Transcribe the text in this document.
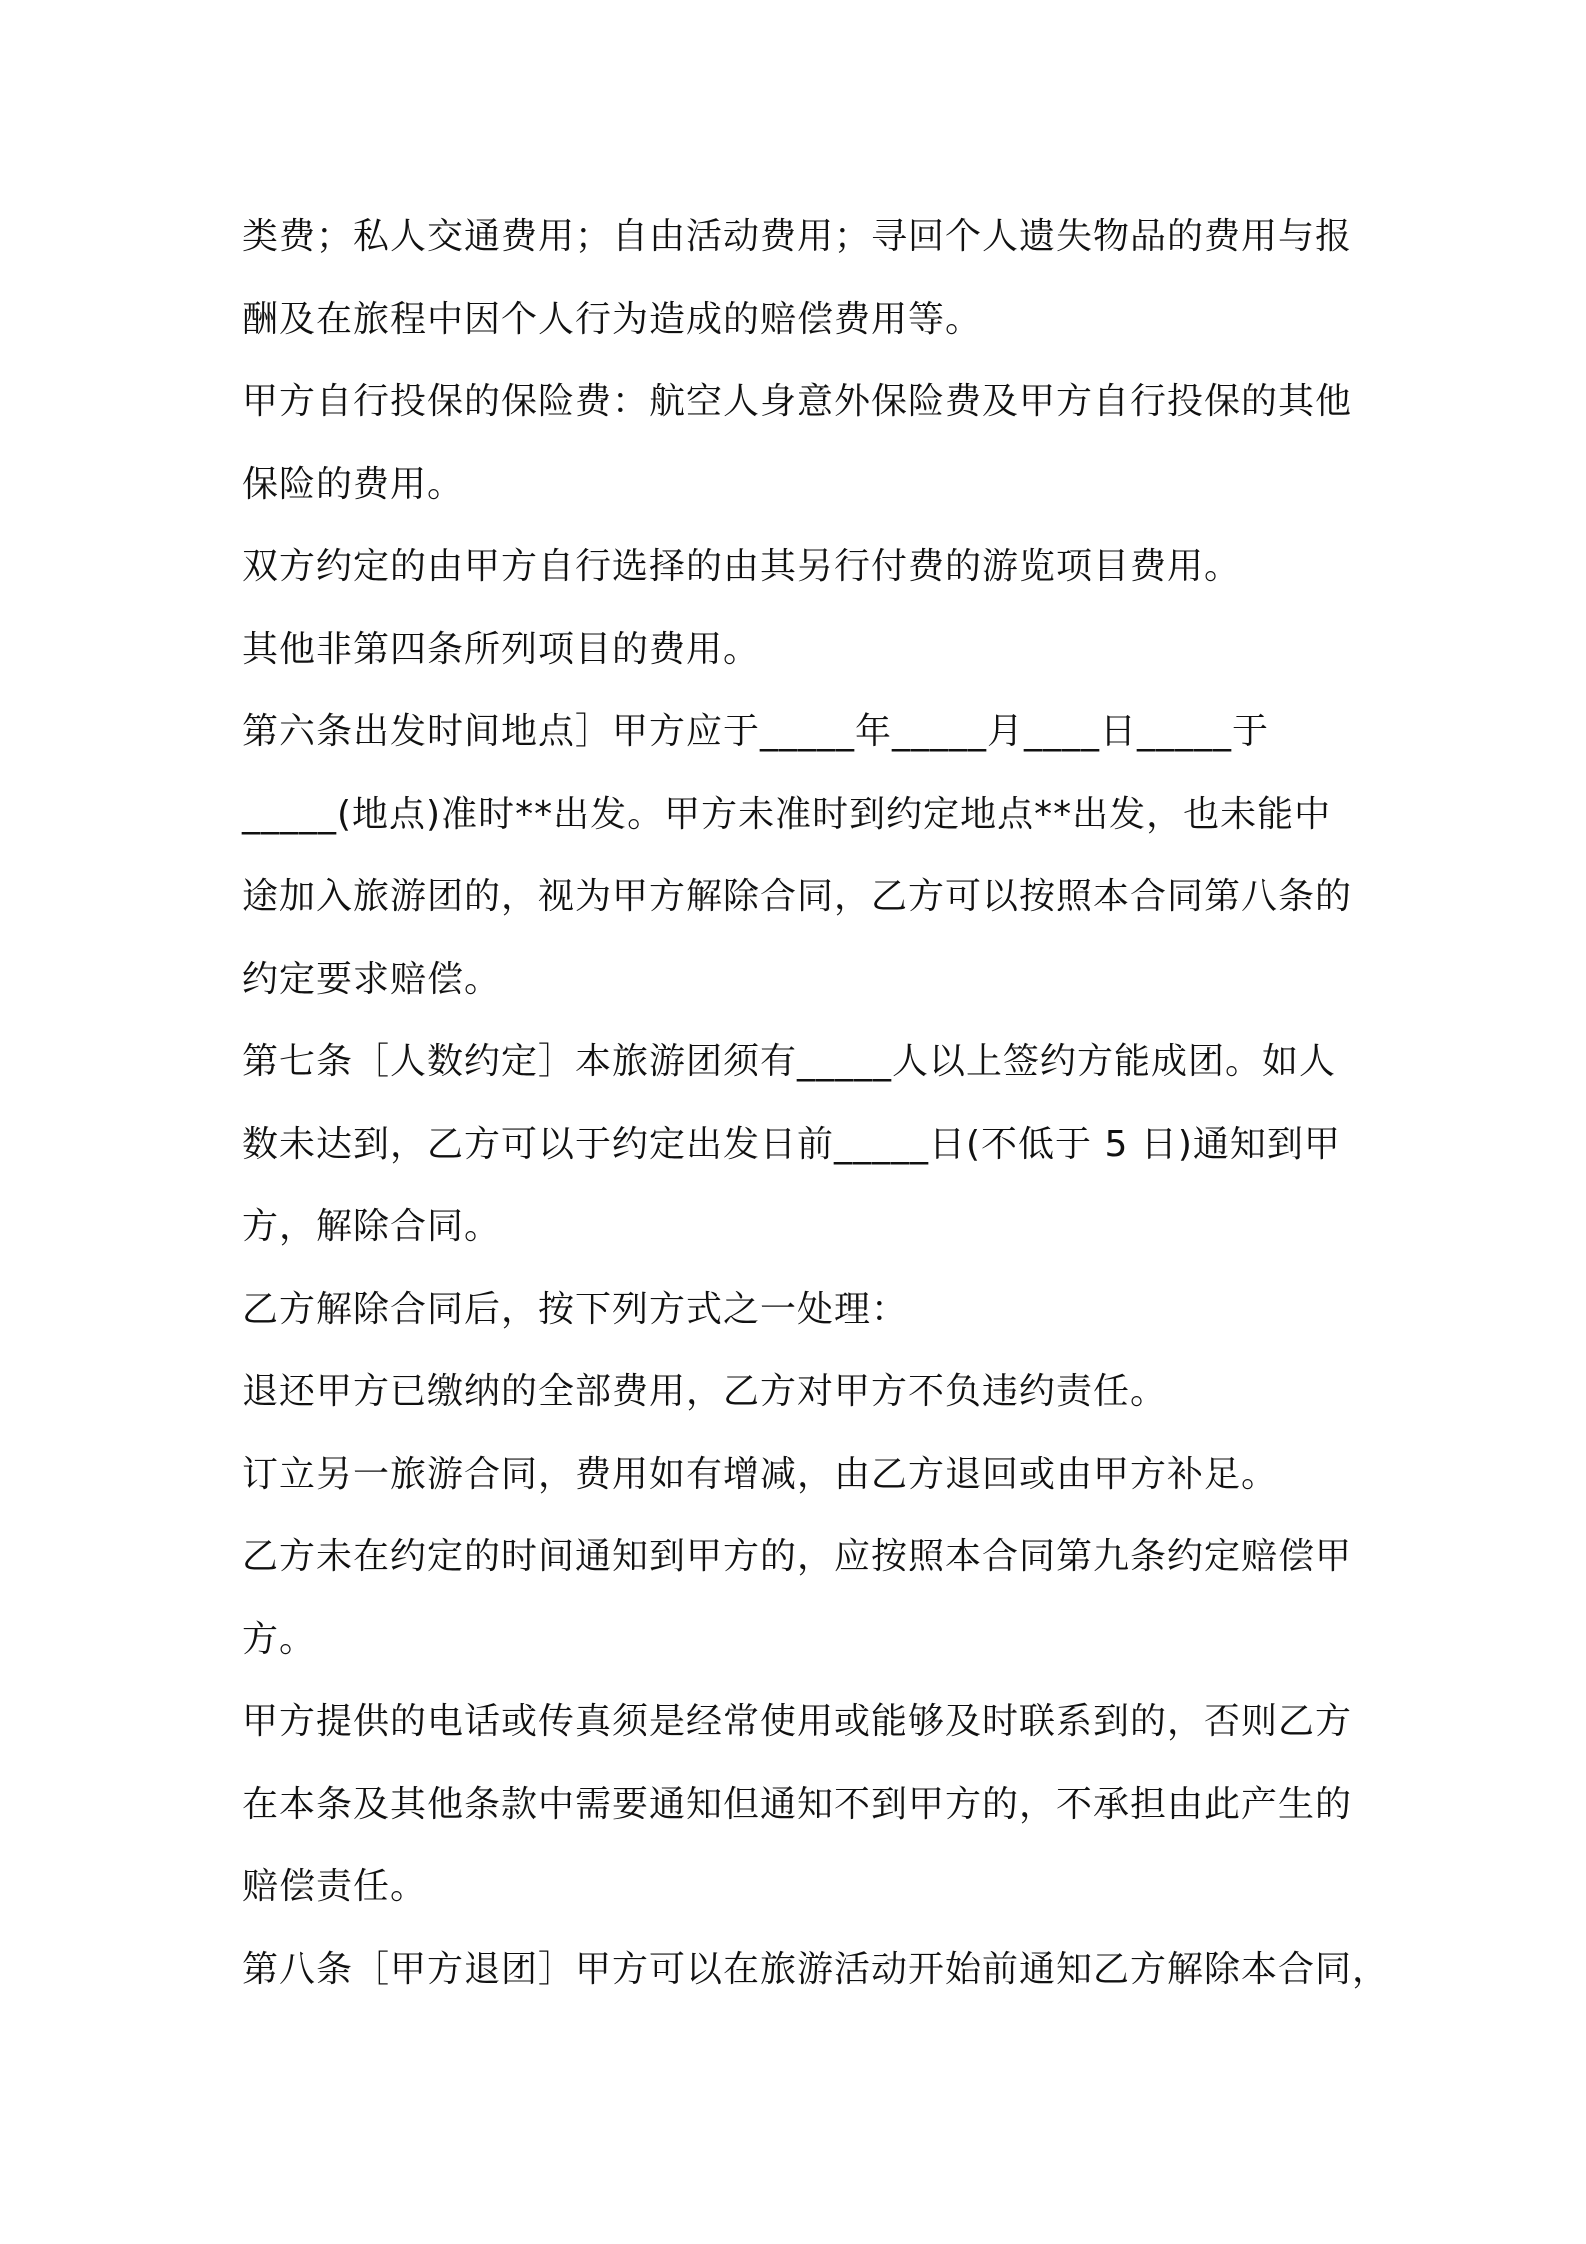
类费；私人交通费用；自由活动费用；寻回个人遗失物品的费用与报
酬及在旅程中因个人行为造成的赔偿费用等。
甲方自行投保的保险费：航空人身意外保险费及甲方自行投保的其他
保险的费用。
双方约定的由甲方自行选择的由其另行付费的游览项目费用。
其他非第四条所列项目的费用。
第六条出发时间地点］甲方应于_____年_____月____日_____于
_____(地点)准时**出发。甲方未准时到约定地点**出发，也未能中
途加入旅游团的，视为甲方解除合同，乙方可以按照本合同第八条的
约定要求赔偿。
第七条［人数约定］本旅游团须有_____人以上签约方能成团。如人
数未达到，乙方可以于约定出发日前_____日(不低于 5 日)通知到甲
方，解除合同。
乙方解除合同后，按下列方式之一处理：
退还甲方已缴纳的全部费用，乙方对甲方不负违约责任。
订立另一旅游合同，费用如有增减，由乙方退回或由甲方补足。
乙方未在约定的时间通知到甲方的，应按照本合同第九条约定赔偿甲
方。
甲方提供的电话或传真须是经常使用或能够及时联系到的，否则乙方
在本条及其他条款中需要通知但通知不到甲方的，不承担由此产生的
赔偿责任。
第八条［甲方退团］甲方可以在旅游活动开始前通知乙方解除本合同，
